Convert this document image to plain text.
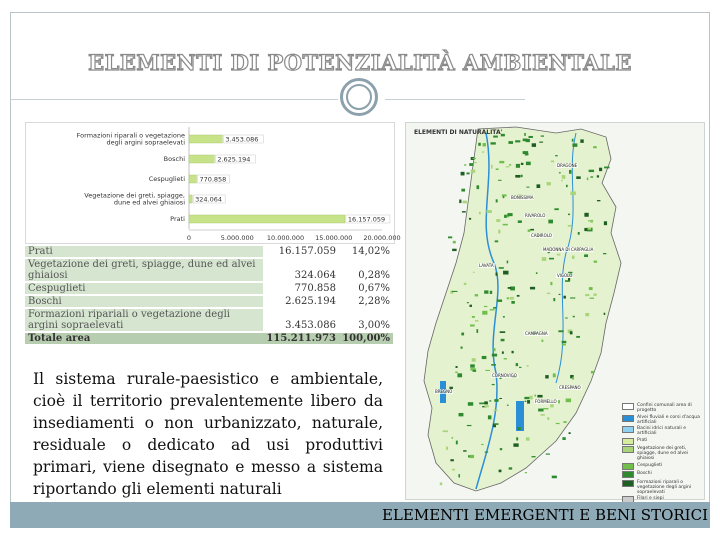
ELEMENTI DI POTENZIALITÀ AMBIENTALE
Formazioni riparali o vegetazione
degli argini sopraelevati	3.453.086
Boschi	2.625.194
Cespuglieti 770.858
Vegetazione dei greti, spiagge,
dune ed alvei ghiaiosi 324.064
Prati	16.157.059
0	5.000.000 10.000.000 15.000.000 20.000.000
Prati	16.157.059	14,02%
Vegetazione dei greti, spiagge, dune ed alvei ghiaiosi	324.064	0,28%
Cespuglieti	770.858	0,67%
Boschi	2.625.194	2,28%
Formazioni ripariali o vegetazione degli argini sopraelevati	3.453.086	3,00%
Totale area	115.211.973	100,00%
Il sistema rurale-paesistico e ambientale, cioè il territorio prevalentemente libero da insediamenti o non urbanizzato, naturale, residuale o dedicato ad usi produttivi primari, viene disegnato e messo a sistema riportando gli elementi naturali
ELEMENTI DI NATURALITA'
DRAGONE
BONISSIMA
RIVAROLO
VIGOLO
CADIROLO
LAVATA
CRESPANO
CORNOVIGO
MADONNA DI CARPAGLIA
CAMPAGNA
BREGNO
FORMELLO
Confini comunali area di progetto
Alvei fluviali e corsi d'acqua artificiali
Bacini idrici naturali e artificiali
Prati
Vegetazione dei greti, spiagge, dune ed alvei ghiaiosi
Cespuglieti
Boschi
Formazioni riparali o vegetazione degli argini sopraelevati
Filari e siepi
ELEMENTI EMERGENTI E BENI STORICI
